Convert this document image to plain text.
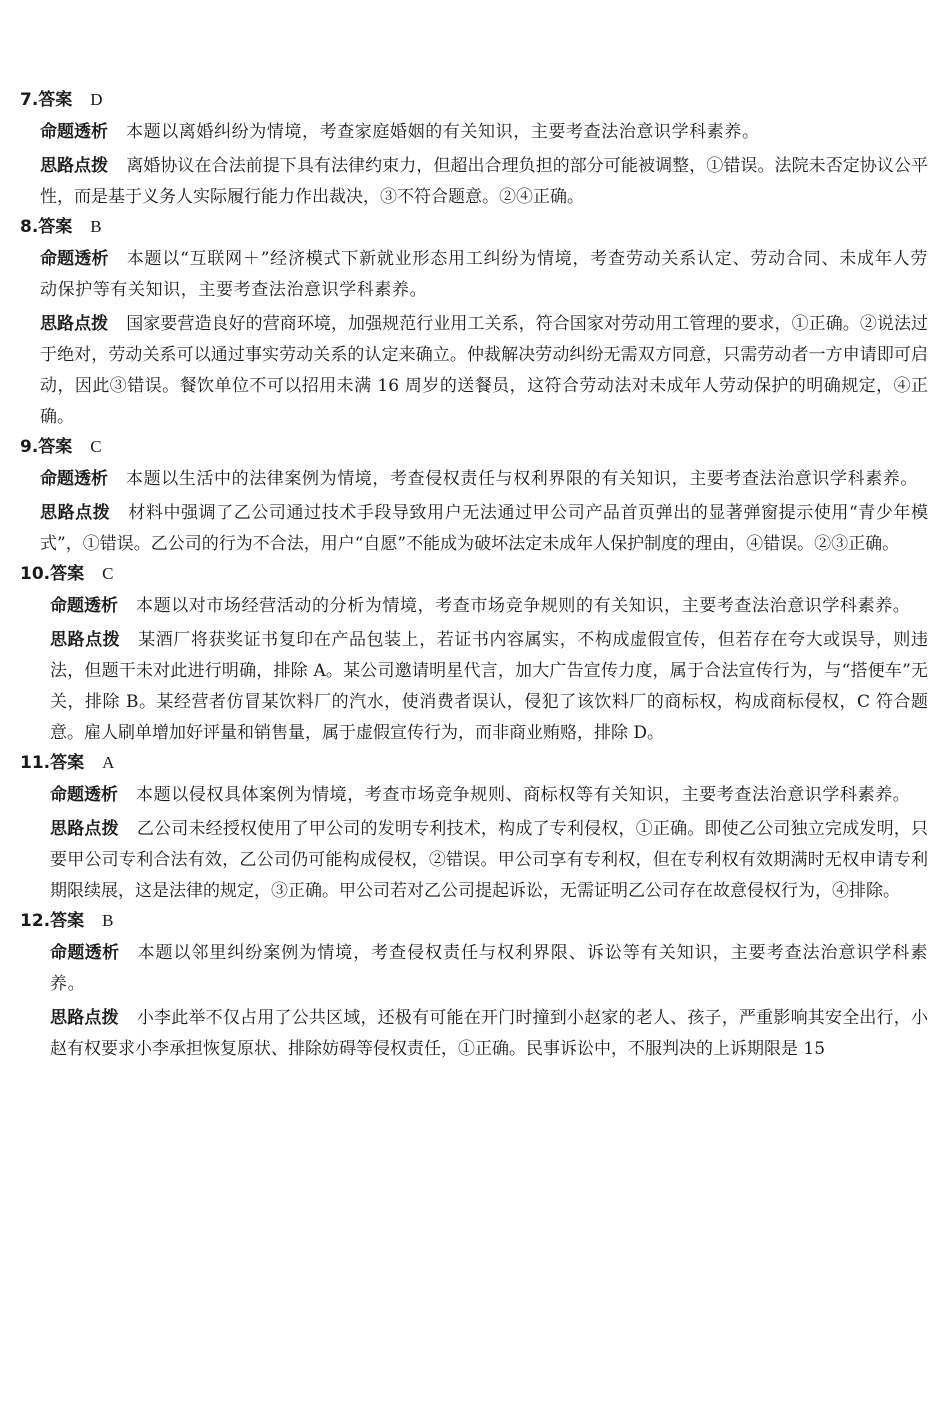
7.答案 D
命题透析 本题以离婚纠纷为情境，考查家庭婚姻的有关知识，主要考查法治意识学科素养。
思路点拨 离婚协议在合法前提下具有法律约束力，但超出合理负担的部分可能被调整，①错误。法院未否定协议公平性，而是基于义务人实际履行能力作出裁决，③不符合题意。②④正确。
8.答案 B
命题透析 本题以“互联网＋”经济模式下新就业形态用工纠纷为情境，考查劳动关系认定、劳动合同、未成年人劳动保护等有关知识，主要考查法治意识学科素养。
思路点拨 国家要营造良好的营商环境，加强规范行业用工关系，符合国家对劳动用工管理的要求，①正确。②说法过于绝对，劳动关系可以通过事实劳动关系的认定来确立。仲裁解决劳动纠纷无需双方同意，只需劳动者一方申请即可启动，因此③错误。餐饮单位不可以招用未满 16 周岁的送餐员，这符合劳动法对未成年人劳动保护的明确规定，④正确。
9.答案 C
命题透析 本题以生活中的法律案例为情境，考查侵权责任与权利界限的有关知识，主要考查法治意识学科素养。
思路点拨 材料中强调了乙公司通过技术手段导致用户无法通过甲公司产品首页弹出的显著弹窗提示使用“青少年模式”，①错误。乙公司的行为不合法，用户“自愿”不能成为破坏法定未成年人保护制度的理由，④错误。②③正确。
10.答案 C
命题透析 本题以对市场经营活动的分析为情境，考查市场竞争规则的有关知识，主要考查法治意识学科素养。
思路点拨 某酒厂将获奖证书复印在产品包装上，若证书内容属实，不构成虚假宣传，但若存在夸大或误导，则违法，但题干未对此进行明确，排除 A。某公司邀请明星代言，加大广告宣传力度，属于合法宣传行为，与“搭便车”无关，排除 B。某经营者仿冒某饮料厂的汽水，使消费者误认，侵犯了该饮料厂的商标权，构成商标侵权，C 符合题意。雇人刷单增加好评量和销售量，属于虚假宣传行为，而非商业贿赂，排除 D。
11.答案 A
命题透析 本题以侵权具体案例为情境，考查市场竞争规则、商标权等有关知识，主要考查法治意识学科素养。
思路点拨 乙公司未经授权使用了甲公司的发明专利技术，构成了专利侵权，①正确。即使乙公司独立完成发明，只要甲公司专利合法有效，乙公司仍可能构成侵权，②错误。甲公司享有专利权，但在专利权有效期满时无权申请专利期限续展，这是法律的规定，③正确。甲公司若对乙公司提起诉讼，无需证明乙公司存在故意侵权行为，④排除。
12.答案 B
命题透析 本题以邻里纠纷案例为情境，考查侵权责任与权利界限、诉讼等有关知识，主要考查法治意识学科素养。
思路点拨 小李此举不仅占用了公共区域，还极有可能在开门时撞到小赵家的老人、孩子，严重影响其安全出行，小赵有权要求小李承担恢复原状、排除妨碍等侵权责任，①正确。民事诉讼中，不服判决的上诉期限是 15
